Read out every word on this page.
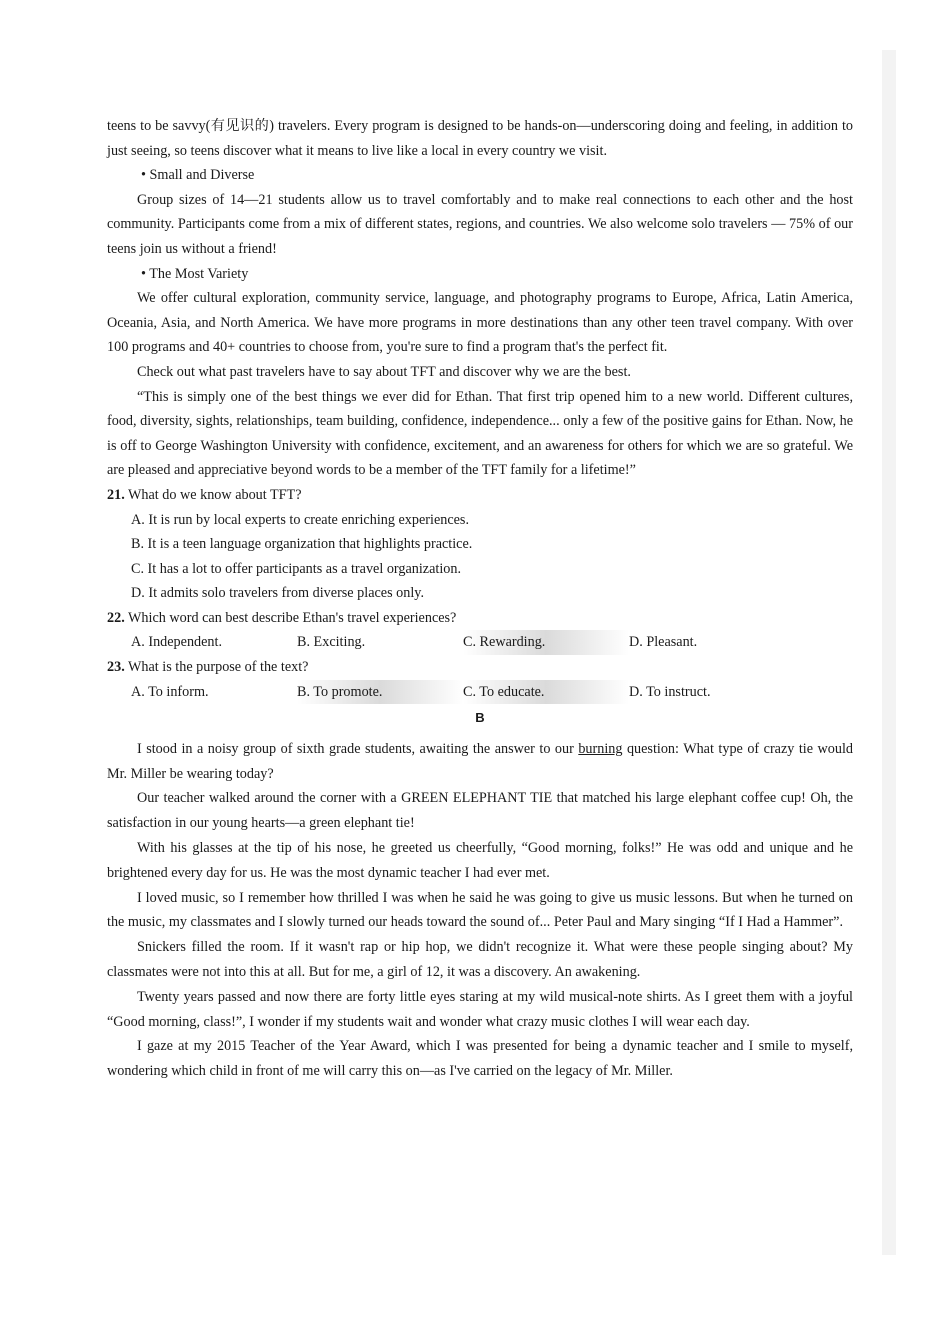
teens to be savvy(有见识的) travelers. Every program is designed to be hands-on—underscoring doing and feeling, in addition to just seeing, so teens discover what it means to live like a local in every country we visit.

• Small and Diverse

Group sizes of 14—21 students allow us to travel comfortably and to make real connections to each other and the host community. Participants come from a mix of different states, regions, and countries. We also welcome solo travelers — 75% of our teens join us without a friend!

• The Most Variety

We offer cultural exploration, community service, language, and photography programs to Europe, Africa, Latin America, Oceania, Asia, and North America. We have more programs in more destinations than any other teen travel company. With over 100 programs and 40+ countries to choose from, you're sure to find a program that's the perfect fit.

Check out what past travelers have to say about TFT and discover why we are the best.

“This is simply one of the best things we ever did for Ethan. That first trip opened him to a new world. Different cultures, food, diversity, sights, relationships, team building, confidence, independence... only a few of the positive gains for Ethan. Now, he is off to George Washington University with confidence, excitement, and an awareness for others for which we are so grateful. We are pleased and appreciative beyond words to be a member of the TFT family for a lifetime!”

21. What do we know about TFT?

A. It is run by local experts to create enriching experiences.

B. It is a teen language organization that highlights practice.

C. It has a lot to offer participants as a travel organization.

D. It admits solo travelers from diverse places only.

22. Which word can best describe Ethan's travel experiences?

A. Independent.	B. Exciting.	C. Rewarding.	D. Pleasant.

23. What is the purpose of the text?

A. To inform.	B. To promote.	C. To educate.	D. To instruct.
B

I stood in a noisy group of sixth grade students, awaiting the answer to our burning question: What type of crazy tie would Mr. Miller be wearing today?

Our teacher walked around the corner with a GREEN ELEPHANT TIE that matched his large elephant coffee cup! Oh, the satisfaction in our young hearts—a green elephant tie!

With his glasses at the tip of his nose, he greeted us cheerfully, “Good morning, folks!” He was odd and unique and he brightened every day for us. He was the most dynamic teacher I had ever met.

I loved music, so I remember how thrilled I was when he said he was going to give us music lessons. But when he turned on the music, my classmates and I slowly turned our heads toward the sound of... Peter Paul and Mary singing “If I Had a Hammer”.

Snickers filled the room. If it wasn't rap or hip hop, we didn't recognize it. What were these people singing about? My classmates were not into this at all. But for me, a girl of 12, it was a discovery. An awakening.

Twenty years passed and now there are forty little eyes staring at my wild musical-note shirts. As I greet them with a joyful “Good morning, class!”, I wonder if my students wait and wonder what crazy music clothes I will wear each day.

I gaze at my 2015 Teacher of the Year Award, which I was presented for being a dynamic teacher and I smile to myself, wondering which child in front of me will carry this on—as I've carried on the legacy of Mr. Miller.
